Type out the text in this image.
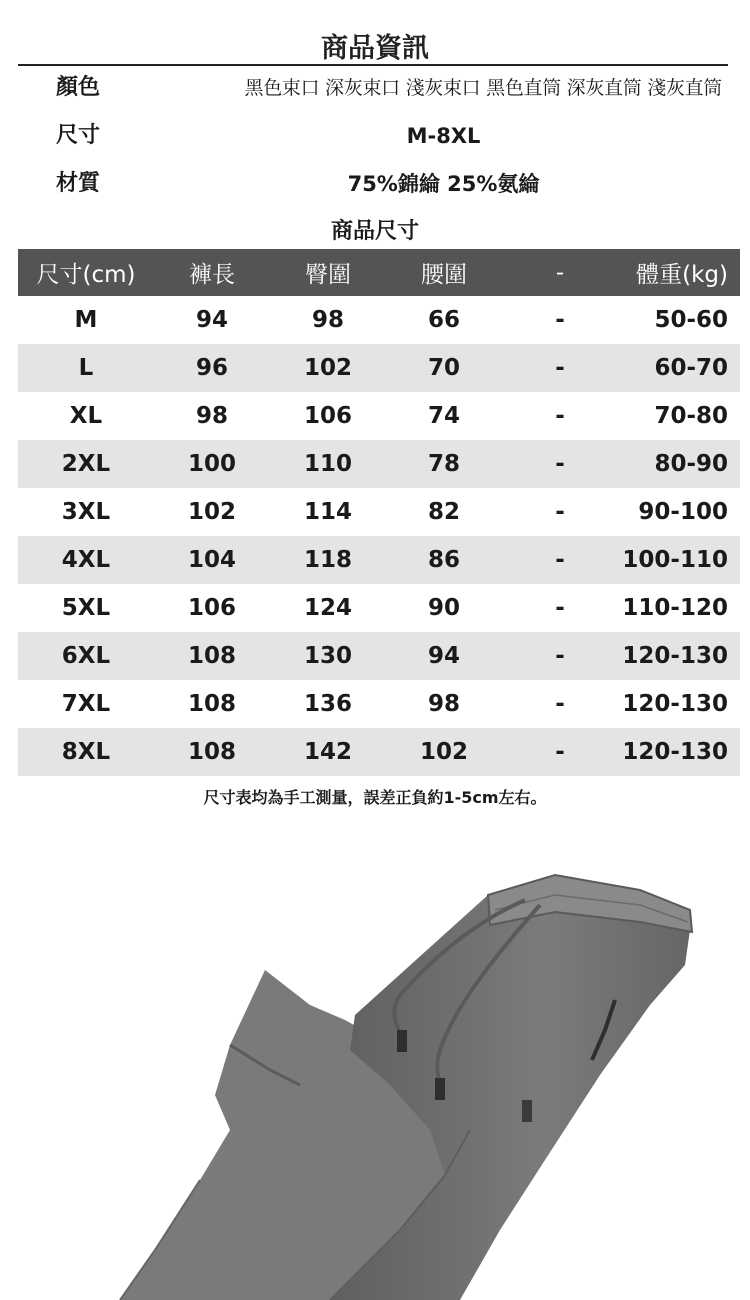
商品資訊
顏色	黑色束口 深灰束口 淺灰束口 黑色直筒 深灰直筒 淺灰直筒
尺寸	M-8XL
材質	75%錦綸 25%氨綸
商品尺寸
尺寸(cm)	褲長	臀圍	腰圍	-	體重(kg)
M	94	98	66	-	50-60
L	96	102	70	-	60-70
XL	98	106	74	-	70-80
2XL	100	110	78	-	80-90
3XL	102	114	82	-	90-100
4XL	104	118	86	-	100-110
5XL	106	124	90	-	110-120
6XL	108	130	94	-	120-130
7XL	108	136	98	-	120-130
8XL	108	142	102	-	120-130
尺寸表均為手工測量，誤差正負約1-5cm左右。
